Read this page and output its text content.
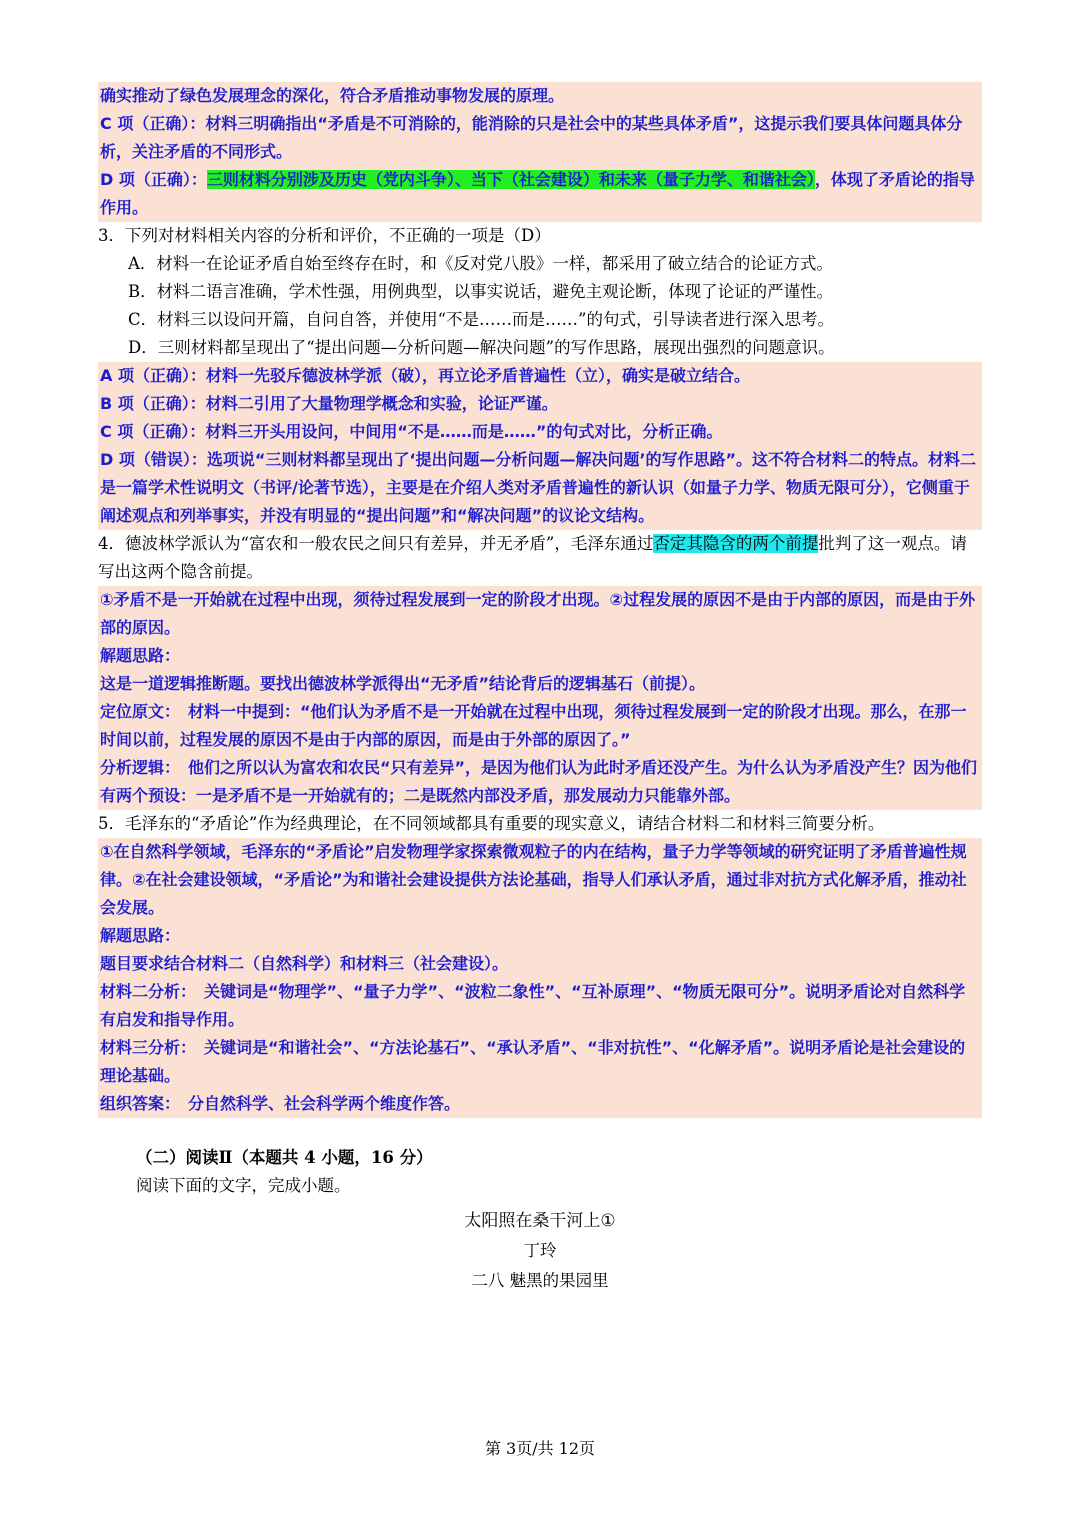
确实推动了绿色发展理念的深化，符合矛盾推动事物发展的原理。

C 项（正确）：材料三明确指出“矛盾是不可消除的，能消除的只是社会中的某些具体矛盾”，这提示我们要具体问题具体分析，关注矛盾的不同形式。

D 项（正确）：三则材料分别涉及历史（党内斗争）、当下（社会建设）和未来（量子力学、和谐社会），体现了矛盾论的指导作用。

3．下列对材料相关内容的分析和评价，不正确的一项是（D）

A．材料一在论证矛盾自始至终存在时，和《反对党八股》一样，都采用了破立结合的论证方式。

B．材料二语言准确，学术性强，用例典型，以事实说话，避免主观论断，体现了论证的严谨性。

C．材料三以设问开篇，自问自答，并使用“不是……而是……”的句式，引导读者进行深入思考。

D．三则材料都呈现出了“提出问题—分析问题—解决问题”的写作思路，展现出强烈的问题意识。

A 项（正确）：材料一先驳斥德波林学派（破），再立论矛盾普遍性（立），确实是破立结合。

B 项（正确）：材料二引用了大量物理学概念和实验，论证严谨。

C 项（正确）：材料三开头用设问，中间用“不是……而是……”的句式对比，分析正确。

D 项（错误）：选项说“三则材料都呈现出了‘提出问题—分析问题—解决问题’的写作思路”。这不符合材料二的特点。材料二是一篇学术性说明文（书评/论著节选），主要是在介绍人类对矛盾普遍性的新认识（如量子力学、物质无限可分），它侧重于阐述观点和列举事实，并没有明显的“提出问题”和“解决问题”的议论文结构。

4．德波林学派认为“富农和一般农民之间只有差异，并无矛盾”，毛泽东通过否定其隐含的两个前提批判了这一观点。请写出这两个隐含前提。

①矛盾不是一开始就在过程中出现，须待过程发展到一定的阶段才出现。②过程发展的原因不是由于内部的原因，而是由于外部的原因。

解题思路：

这是一道逻辑推断题。要找出德波林学派得出“无矛盾”结论背后的逻辑基石（前提）。

定位原文：　材料一中提到：“他们认为矛盾不是一开始就在过程中出现，须待过程发展到一定的阶段才出现。那么，在那一时间以前，过程发展的原因不是由于内部的原因，而是由于外部的原因了。”

分析逻辑：　他们之所以认为富农和农民“只有差异”，是因为他们认为此时矛盾还没产生。为什么认为矛盾没产生？因为他们有两个预设：一是矛盾不是一开始就有的；二是既然内部没矛盾，那发展动力只能靠外部。

5．毛泽东的“矛盾论”作为经典理论，在不同领域都具有重要的现实意义，请结合材料二和材料三简要分析。

①在自然科学领域，毛泽东的“矛盾论”启发物理学家探索微观粒子的内在结构，量子力学等领域的研究证明了矛盾普遍性规律。②在社会建设领域，“矛盾论”为和谐社会建设提供方法论基础，指导人们承认矛盾，通过非对抗方式化解矛盾，推动社会发展。

解题思路：

题目要求结合材料二（自然科学）和材料三（社会建设）。

材料二分析：　关键词是“物理学”、“量子力学”、“波粒二象性”、“互补原理”、“物质无限可分”。说明矛盾论对自然科学有启发和指导作用。

材料三分析：　关键词是“和谐社会”、“方法论基石”、“承认矛盾”、“非对抗性”、“化解矛盾”。说明矛盾论是社会建设的理论基础。

组织答案：　分自然科学、社会科学两个维度作答。

（二）阅读Ⅱ（本题共 4 小题，16 分）

阅读下面的文字，完成小题。

太阳照在桑干河上①

丁玲

二八 魅黑的果园里

第 3页/共 12页
